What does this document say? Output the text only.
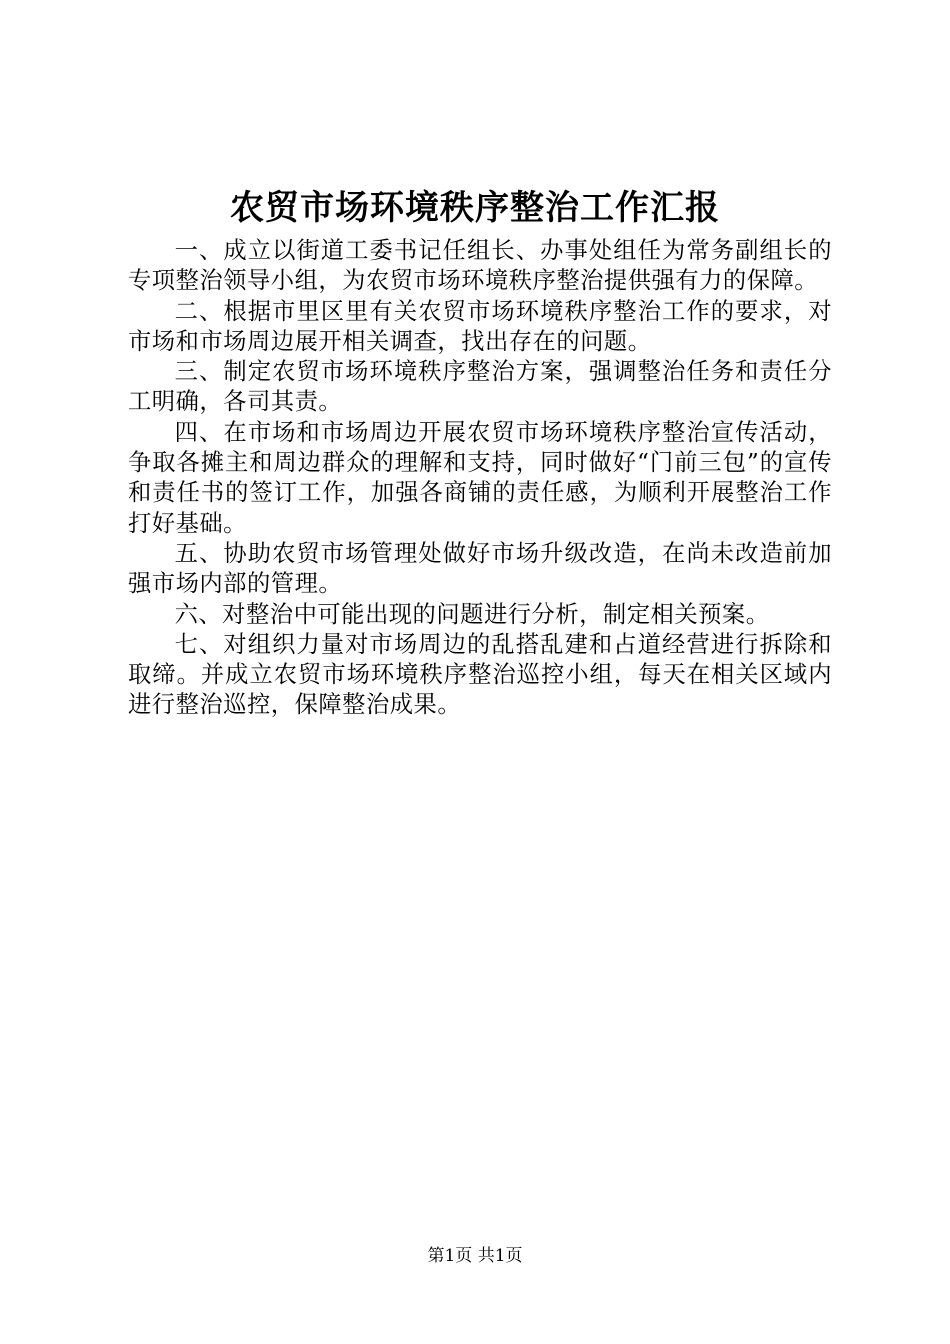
农贸市场环境秩序整治工作汇报

一、成立以街道工委书记任组长、办事处组任为常务副组长的专项整治领导小组，为农贸市场环境秩序整治提供强有力的保障。

二、根据市里区里有关农贸市场环境秩序整治工作的要求，对市场和市场周边展开相关调查，找出存在的问题。

三、制定农贸市场环境秩序整治方案，强调整治任务和责任分工明确，各司其责。

四、在市场和市场周边开展农贸市场环境秩序整治宣传活动，争取各摊主和周边群众的理解和支持，同时做好“门前三包”的宣传和责任书的签订工作，加强各商铺的责任感，为顺利开展整治工作打好基础。

五、协助农贸市场管理处做好市场升级改造，在尚未改造前加强市场内部的管理。

六、对整治中可能出现的问题进行分析，制定相关预案。

七、对组织力量对市场周边的乱搭乱建和占道经营进行拆除和取缔。并成立农贸市场环境秩序整治巡控小组，每天在相关区域内进行整治巡控，保障整治成果。

第1页 共1页
